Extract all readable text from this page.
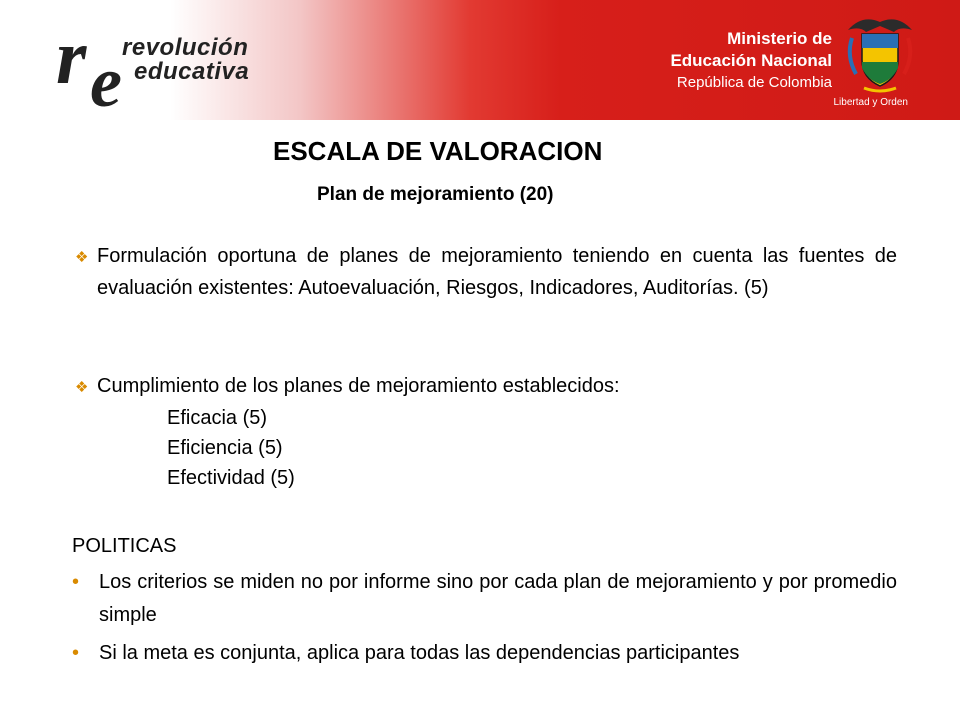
r e revolución
educativa
Ministerio de
Educación Nacional
República de Colombia
Libertad y Orden
ESCALA DE VALORACION
Plan de mejoramiento (20)
❖ Formulación oportuna de planes de mejoramiento teniendo en cuenta las fuentes de evaluación existentes: Autoevaluación, Riesgos, Indicadores, Auditorías. (5)
❖ Cumplimiento de los planes de mejoramiento establecidos:
Eficacia (5)
Eficiencia (5)
Efectividad (5)
POLITICAS
• Los criterios se miden no por informe sino por cada plan de mejoramiento y por promedio simple
• Si la meta es conjunta, aplica para todas las dependencias participantes
